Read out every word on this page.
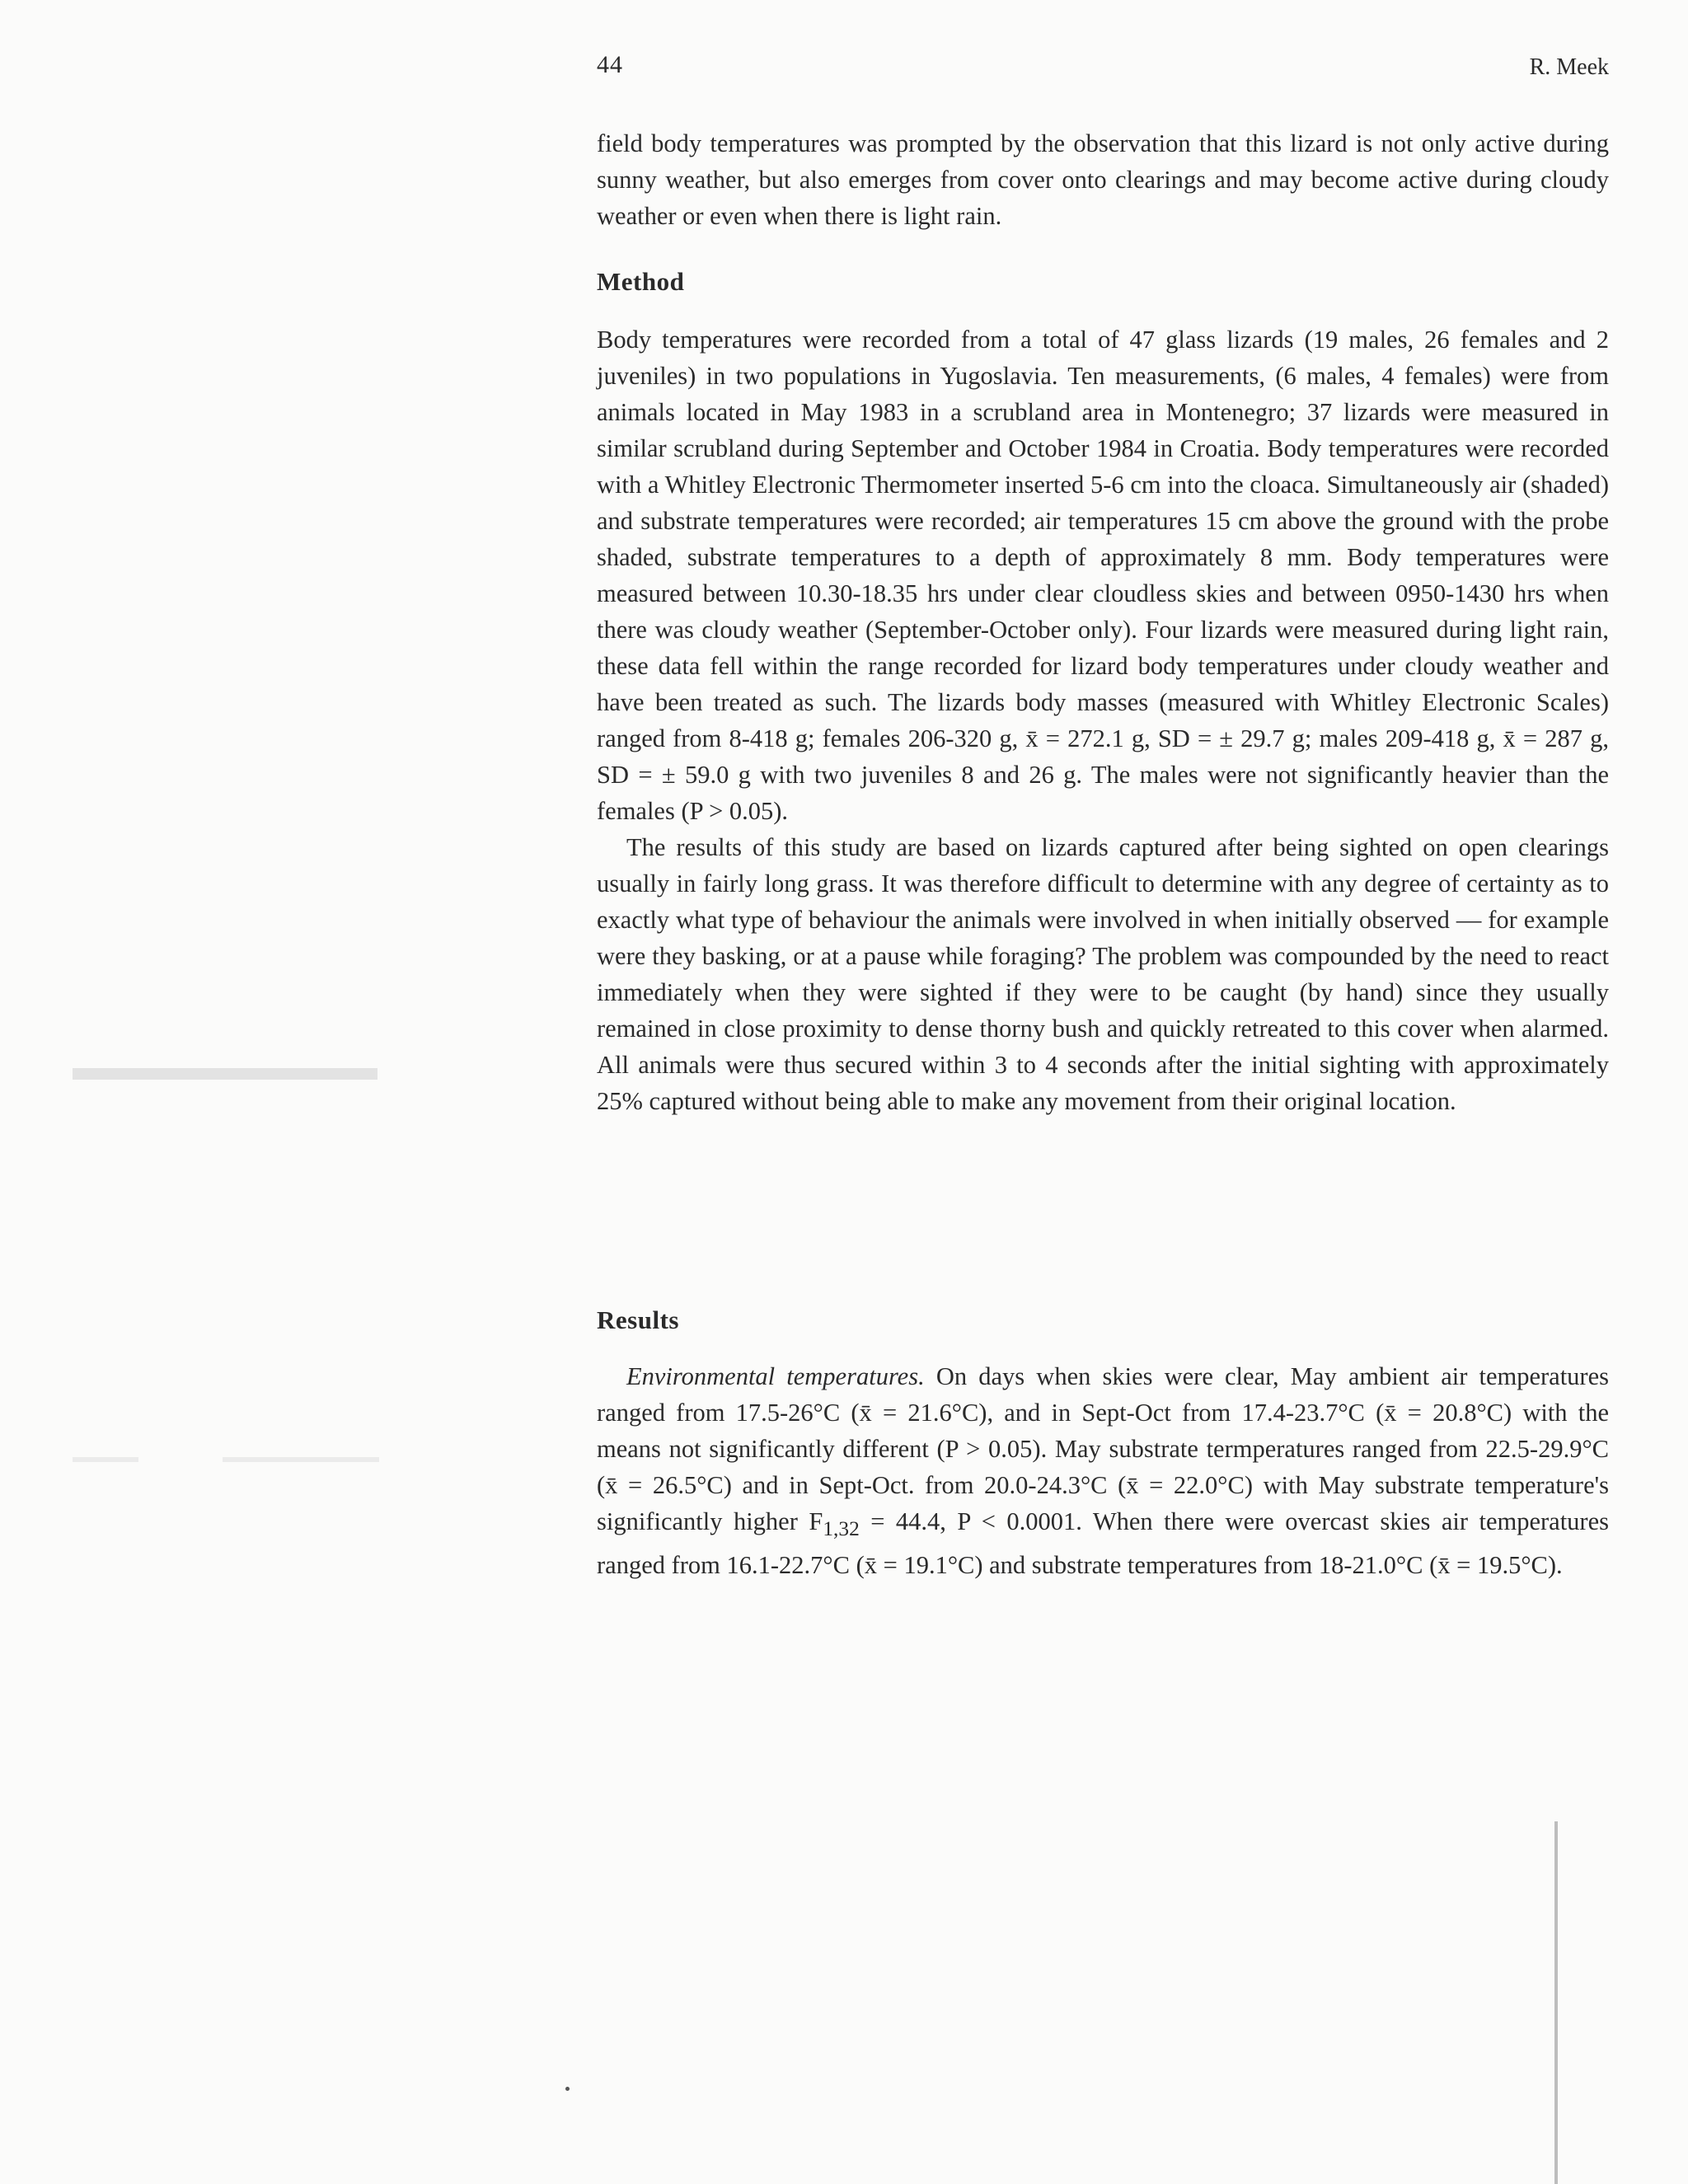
44	R. Meek

field body temperatures was prompted by the observation that this lizard is not only active during sunny weather, but also emerges from cover onto clearings and may become active during cloudy weather or even when there is light rain.

Method

Body temperatures were recorded from a total of 47 glass lizards (19 males, 26 females and 2 juveniles) in two populations in Yugoslavia. Ten measurements, (6 males, 4 females) were from animals located in May 1983 in a scrubland area in Montenegro; 37 lizards were measured in similar scrubland during September and October 1984 in Croatia. Body temperatures were recorded with a Whitley Electronic Thermometer inserted 5-6 cm into the cloaca. Simultaneously air (shaded) and substrate temperatures were recorded; air temperatures 15 cm above the ground with the probe shaded, substrate temperatures to a depth of approximately 8 mm. Body temperatures were measured between 10.30-18.35 hrs under clear cloudless skies and between 0950-1430 hrs when there was cloudy weather (September-October only). Four lizards were measured during light rain, these data fell within the range recorded for lizard body temperatures under cloudy weather and have been treated as such. The lizards body masses (measured with Whitley Electronic Scales) ranged from 8-418 g; females 206-320 g, x̄ = 272.1 g, SD = ± 29.7 g; males 209-418 g, x̄ = 287 g, SD = ± 59.0 g with two juveniles 8 and 26 g. The males were not significantly heavier than the females (P > 0.05).

The results of this study are based on lizards captured after being sighted on open clearings usually in fairly long grass. It was therefore difficult to determine with any degree of certainty as to exactly what type of behaviour the animals were involved in when initially observed — for example were they basking, or at a pause while foraging? The problem was compounded by the need to react immediately when they were sighted if they were to be caught (by hand) since they usually remained in close proximity to dense thorny bush and quickly retreated to this cover when alarmed. All animals were thus secured within 3 to 4 seconds after the initial sighting with approximately 25% captured without being able to make any movement from their original location.

Results

Environmental temperatures. On days when skies were clear, May ambient air temperatures ranged from 17.5-26°C (x̄ = 21.6°C), and in Sept-Oct from 17.4-23.7°C (x̄ = 20.8°C) with the means not significantly different (P > 0.05). May substrate termperatures ranged from 22.5-29.9°C (x̄ = 26.5°C) and in Sept-Oct. from 20.0-24.3°C (x̄ = 22.0°C) with May substrate temperature's significantly higher $F_{1,32} = 44.4$, P < 0.0001. When there were overcast skies air temperatures ranged from 16.1-22.7°C (x̄ = 19.1°C) and substrate temperatures from 18-21.0°C (x̄ = 19.5°C).
